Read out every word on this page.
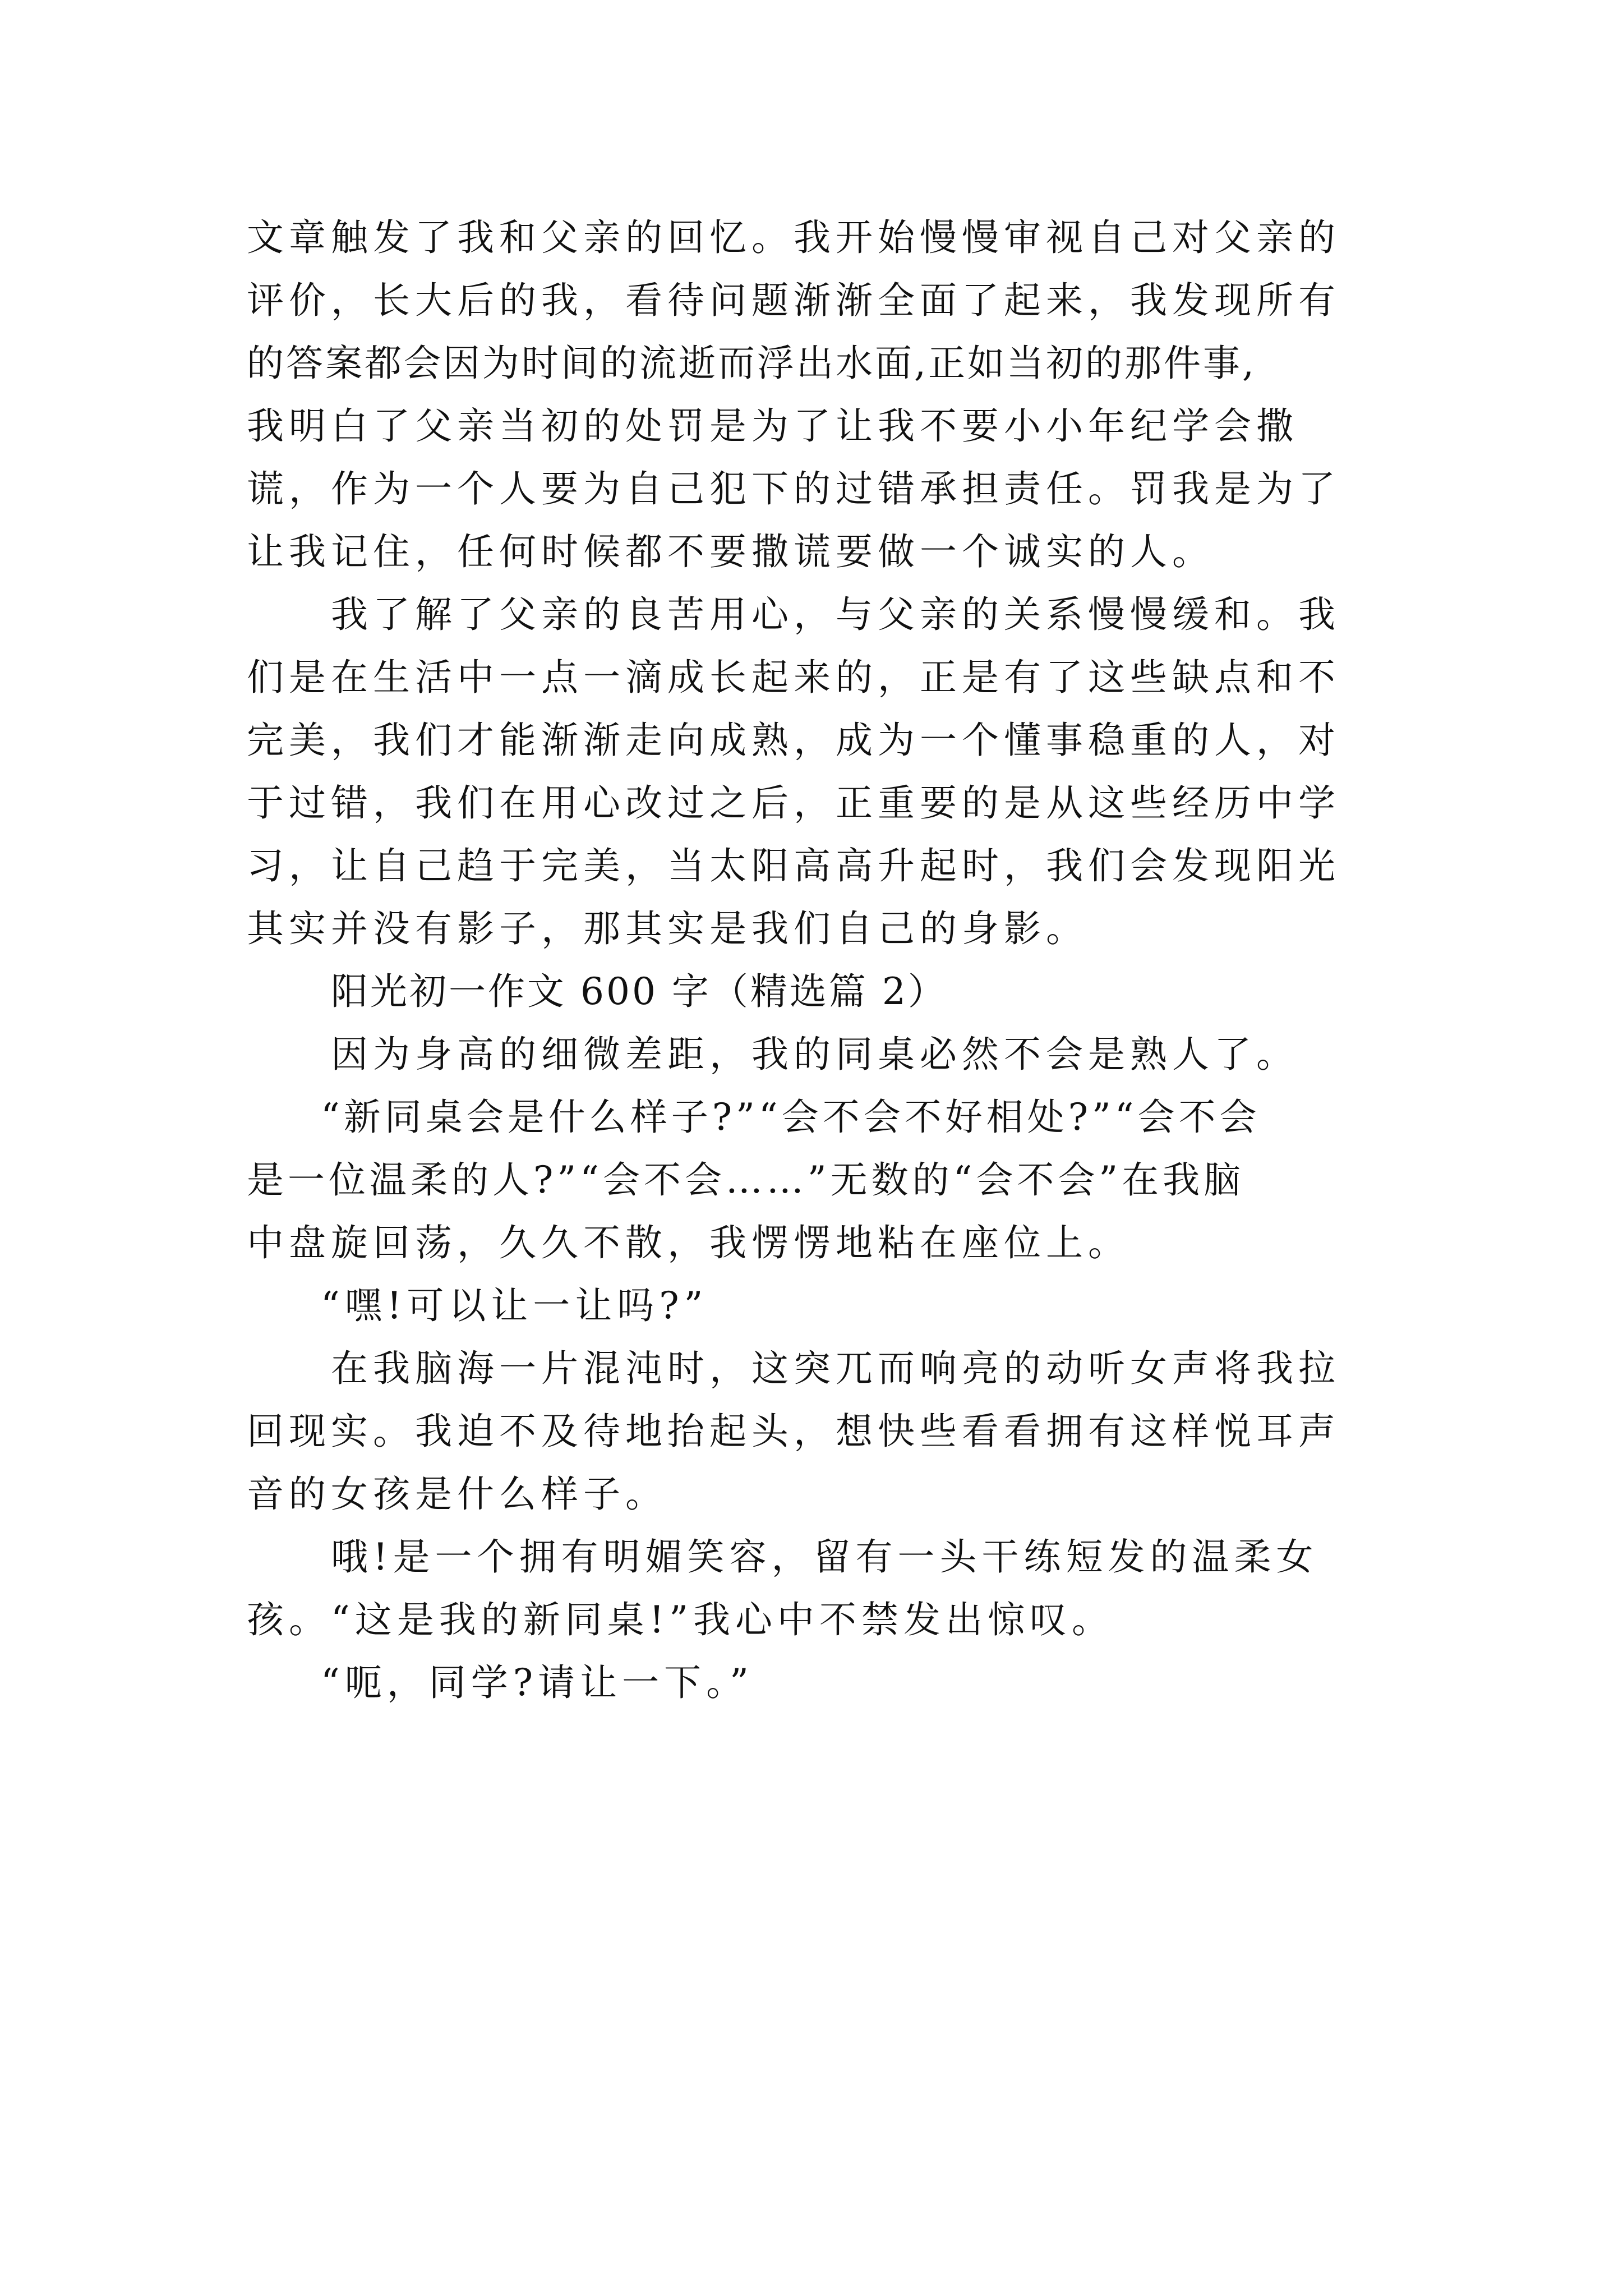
文章触发了我和父亲的回忆。我开始慢慢审视自己对父亲的
评价，长大后的我，看待问题渐渐全面了起来，我发现所有
的答案都会因为时间的流逝而浮出水面,正如当初的那件事,
我明白了父亲当初的处罚是为了让我不要小小年纪学会撒
谎，作为一个人要为自己犯下的过错承担责任。罚我是为了
让我记住，任何时候都不要撒谎要做一个诚实的人。
我了解了父亲的良苦用心，与父亲的关系慢慢缓和。我
们是在生活中一点一滴成长起来的，正是有了这些缺点和不
完美，我们才能渐渐走向成熟，成为一个懂事稳重的人，对
于过错，我们在用心改过之后，正重要的是从这些经历中学
习，让自己趋于完美，当太阳高高升起时，我们会发现阳光
其实并没有影子，那其实是我们自己的身影。
阳光初一作文 600 字（精选篇 2）
因为身高的细微差距，我的同桌必然不会是熟人了。
“新同桌会是什么样子?”“会不会不好相处?”“会不会
是一位温柔的人?”“会不会……”无数的“会不会”在我脑
中盘旋回荡，久久不散，我愣愣地粘在座位上。
“嘿!可以让一让吗?”
在我脑海一片混沌时，这突兀而响亮的动听女声将我拉
回现实。我迫不及待地抬起头，想快些看看拥有这样悦耳声
音的女孩是什么样子。
哦!是一个拥有明媚笑容，留有一头干练短发的温柔女
孩。“这是我的新同桌!”我心中不禁发出惊叹。
“呃，同学?请让一下。”
